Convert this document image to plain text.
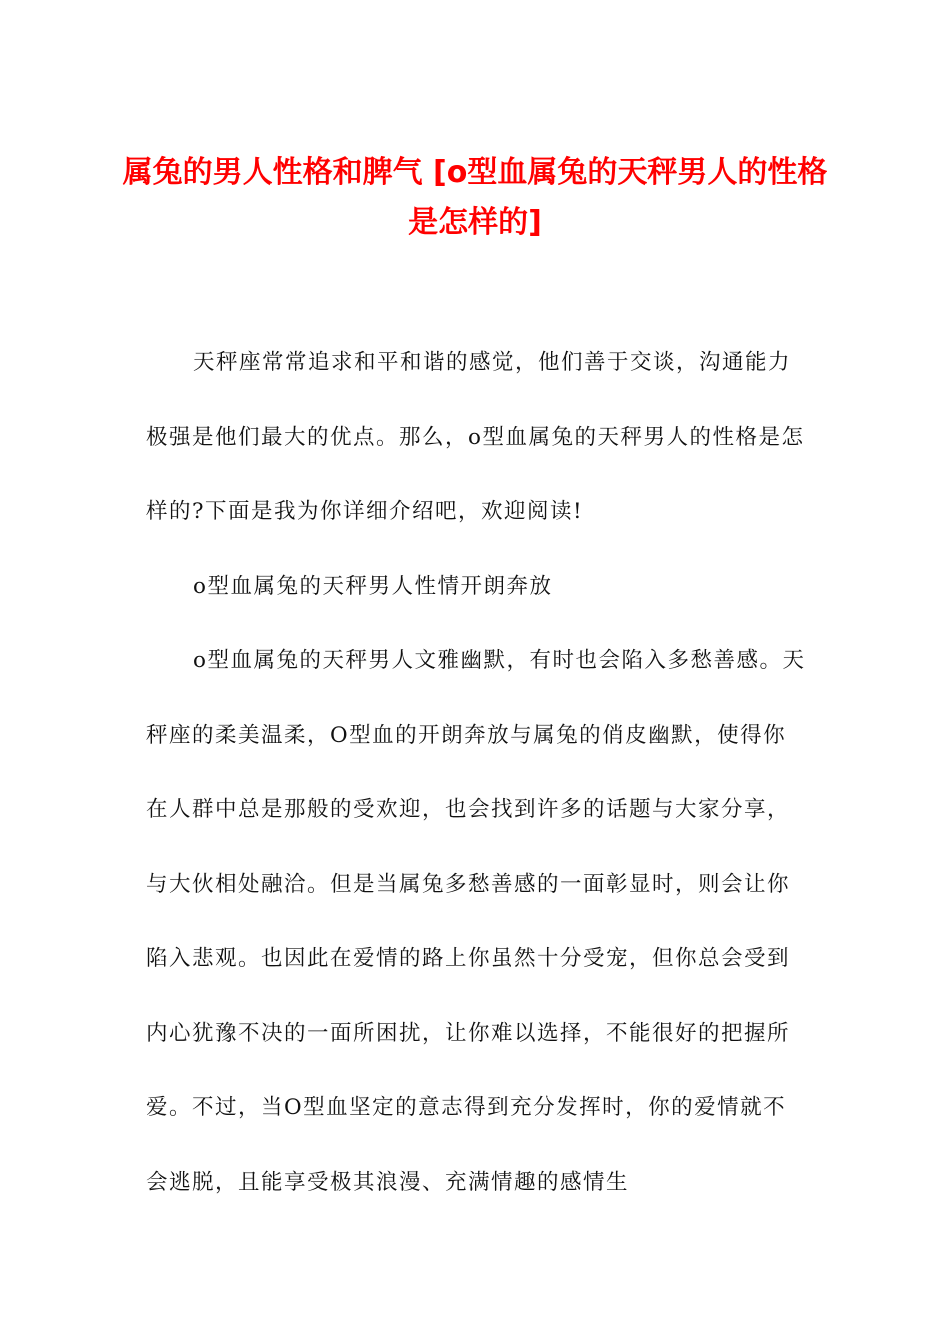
属兔的男人性格和脾气 [o型血属兔的天秤男人的性格是怎样的]

天秤座常常追求和平和谐的感觉，他们善于交谈，沟通能力极强是他们最大的优点。那么，o型血属兔的天秤男人的性格是怎样的?下面是我为你详细介绍吧，欢迎阅读!

o型血属兔的天秤男人性情开朗奔放

o型血属兔的天秤男人文雅幽默，有时也会陷入多愁善感。天秤座的柔美温柔，O型血的开朗奔放与属兔的俏皮幽默，使得你在人群中总是那般的受欢迎，也会找到许多的话题与大家分享，与大伙相处融洽。但是当属兔多愁善感的一面彰显时，则会让你陷入悲观。也因此在爱情的路上你虽然十分受宠，但你总会受到内心犹豫不决的一面所困扰，让你难以选择，不能很好的把握所爱。不过，当O型血坚定的意志得到充分发挥时，你的爱情就不会逃脱，且能享受极其浪漫、充满情趣的感情生
